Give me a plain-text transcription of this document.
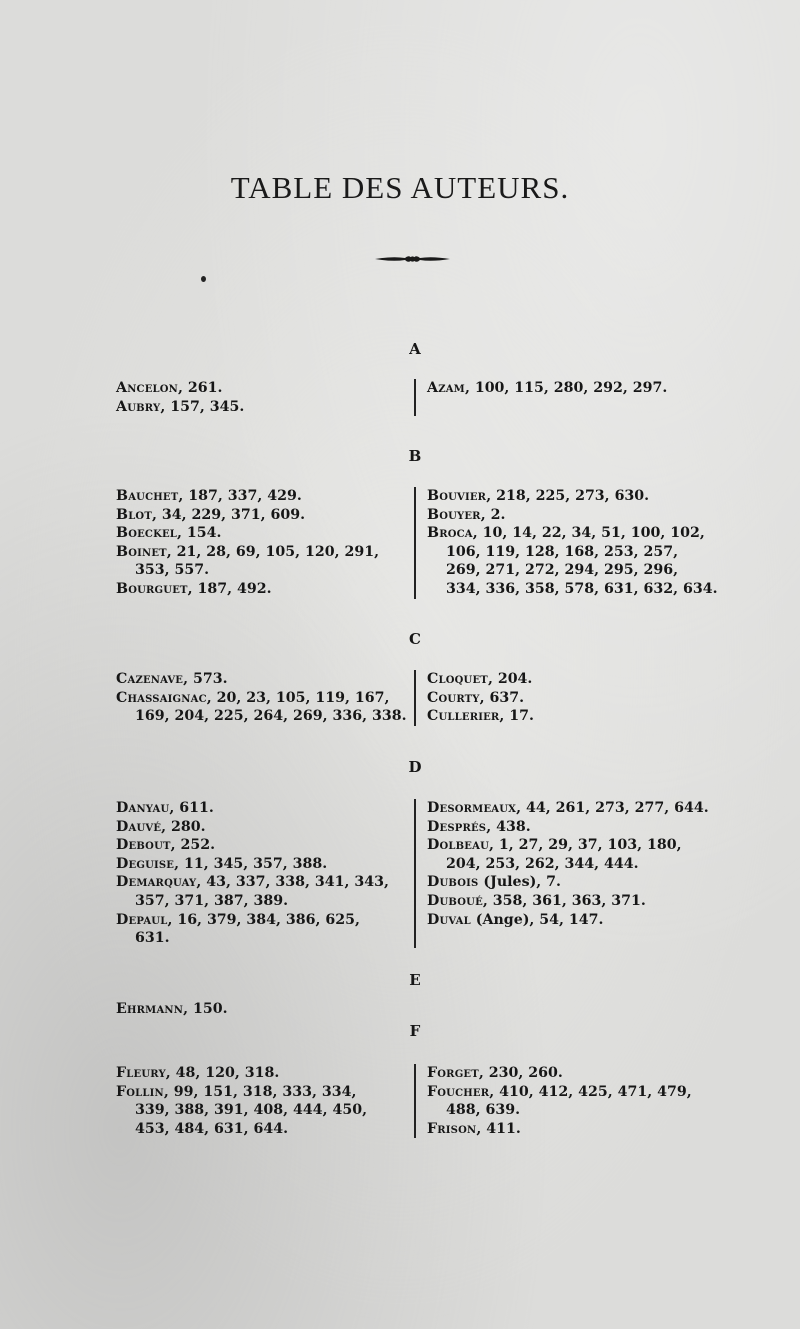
TABLE DES AUTEURS.
A
Ancelon, 261.
Aubry, 157, 345.
Azam, 100, 115, 280, 292, 297.
B
Bauchet, 187, 337, 429.
Blot, 34, 229, 371, 609.
Boeckel, 154.
Boinet, 21, 28, 69, 105, 120, 291,
353, 557.
Bourguet, 187, 492.
Bouvier, 218, 225, 273, 630.
Bouyer, 2.
Broca, 10, 14, 22, 34, 51, 100, 102,
106, 119, 128, 168, 253, 257,
269, 271, 272, 294, 295, 296,
334, 336, 358, 578, 631, 632, 634.
C
Cazenave, 573.
Chassaignac, 20, 23, 105, 119, 167,
169, 204, 225, 264, 269, 336, 338.
Cloquet, 204.
Courty, 637.
Cullerier, 17.
D
Danyau, 611.
Dauvé, 280.
Debout, 252.
Deguise, 11, 345, 357, 388.
Demarquay, 43, 337, 338, 341, 343,
357, 371, 387, 389.
Depaul, 16, 379, 384, 386, 625,
631.
Desormeaux, 44, 261, 273, 277, 644.
Després, 438.
Dolbeau, 1, 27, 29, 37, 103, 180,
204, 253, 262, 344, 444.
Dubois (Jules), 7.
Duboué, 358, 361, 363, 371.
Duval (Ange), 54, 147.
E
Ehrmann, 150.
F
Fleury, 48, 120, 318.
Follin, 99, 151, 318, 333, 334,
339, 388, 391, 408, 444, 450,
453, 484, 631, 644.
Forget, 230, 260.
Foucher, 410, 412, 425, 471, 479,
488, 639.
Frison, 411.
